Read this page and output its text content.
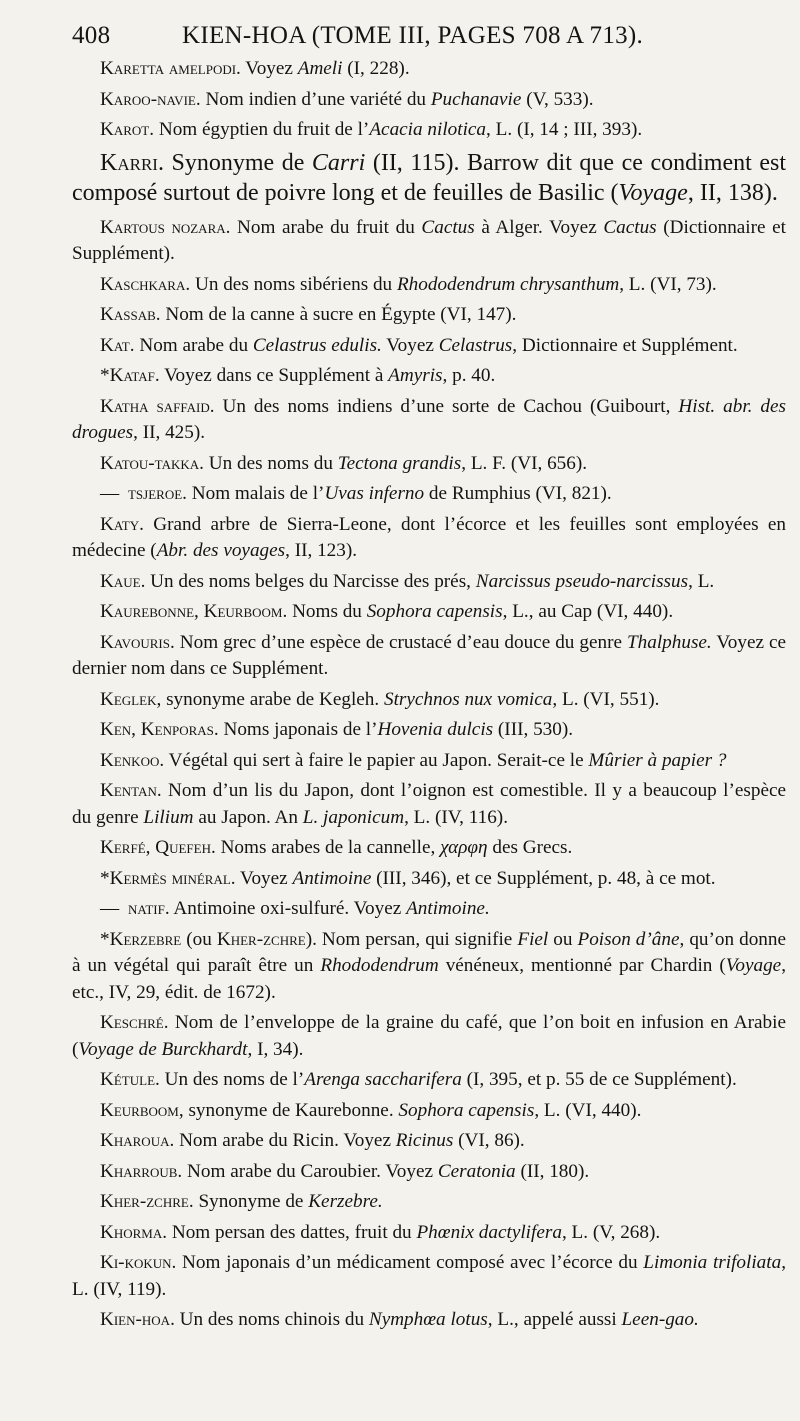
408	KIEN-HOA (TOME III, PAGES 708 A 713).

Karetta amelpodi. Voyez Ameli (I, 228).

Karoo-navie. Nom indien d’une variété du Puchanavie (V, 533).

Karot. Nom égyptien du fruit de l’Acacia nilotica, L. (I, 14 ; III, 393).

Karri. Synonyme de Carri (II, 115). Barrow dit que ce condiment est composé surtout de poivre long et de feuilles de Basilic (Voyage, II, 138).

Kartous nozara. Nom arabe du fruit du Cactus à Alger. Voyez Cactus (Dictionnaire et Supplément).

Kaschkara. Un des noms sibériens du Rhododendrum chrysanthum, L. (VI, 73).

Kassab. Nom de la canne à sucre en Égypte (VI, 147).

Kat. Nom arabe du Celastrus edulis. Voyez Celastrus, Dictionnaire et Supplément.

*Kataf. Voyez dans ce Supplément à Amyris, p. 40.

Katha saffaid. Un des noms indiens d’une sorte de Cachou (Guibourt, Hist. abr. des drogues, II, 425).

Katou-takka. Un des noms du Tectona grandis, L. F. (VI, 656).

— tsjeroe. Nom malais de l’Uvas inferno de Rumphius (VI, 821).

Katy. Grand arbre de Sierra-Leone, dont l’écorce et les feuilles sont employées en médecine (Abr. des voyages, II, 123).

Kaue. Un des noms belges du Narcisse des prés, Narcissus pseudo-narcissus, L.

Kaurebonne, Keurboom. Noms du Sophora capensis, L., au Cap (VI, 440).

Kavouris. Nom grec d’une espèce de crustacé d’eau douce du genre Thalphuse. Voyez ce dernier nom dans ce Supplément.

Keglek, synonyme arabe de Kegleh. Strychnos nux vomica, L. (VI, 551).

Ken, Kenporas. Noms japonais de l’Hovenia dulcis (III, 530).

Kenkoo. Végétal qui sert à faire le papier au Japon. Serait-ce le Mûrier à papier ?

Kentan. Nom d’un lis du Japon, dont l’oignon est comestible. Il y a beaucoup l’espèce du genre Lilium au Japon. An L. japonicum, L. (IV, 116).

Kerfé, Quefeh. Noms arabes de la cannelle, χαρφη des Grecs.

*Kermès minéral. Voyez Antimoine (III, 346), et ce Supplément, p. 48, à ce mot.

— natif. Antimoine oxi-sulfuré. Voyez Antimoine.

*Kerzebre (ou Kher-zchre). Nom persan, qui signifie Fiel ou Poison d’âne, qu’on donne à un végétal qui paraît être un Rhododendrum vénéneux, mentionné par Chardin (Voyage, etc., IV, 29, édit. de 1672).

Keschré. Nom de l’enveloppe de la graine du café, que l’on boit en infusion en Arabie (Voyage de Burckhardt, I, 34).

Kétule. Un des noms de l’Arenga saccharifera (I, 395, et p. 55 de ce Supplément).

Keurboom, synonyme de Kaurebonne. Sophora capensis, L. (VI, 440).

Kharoua. Nom arabe du Ricin. Voyez Ricinus (VI, 86).

Kharroub. Nom arabe du Caroubier. Voyez Ceratonia (II, 180).

Kher-zchre. Synonyme de Kerzebre.

Khorma. Nom persan des dattes, fruit du Phœnix dactylifera, L. (V, 268).

Ki-kokun. Nom japonais d’un médicament composé avec l’écorce du Limonia trifoliata, L. (IV, 119).

Kien-hoa. Un des noms chinois du Nymphœa lotus, L., appelé aussi Leen-gao.
